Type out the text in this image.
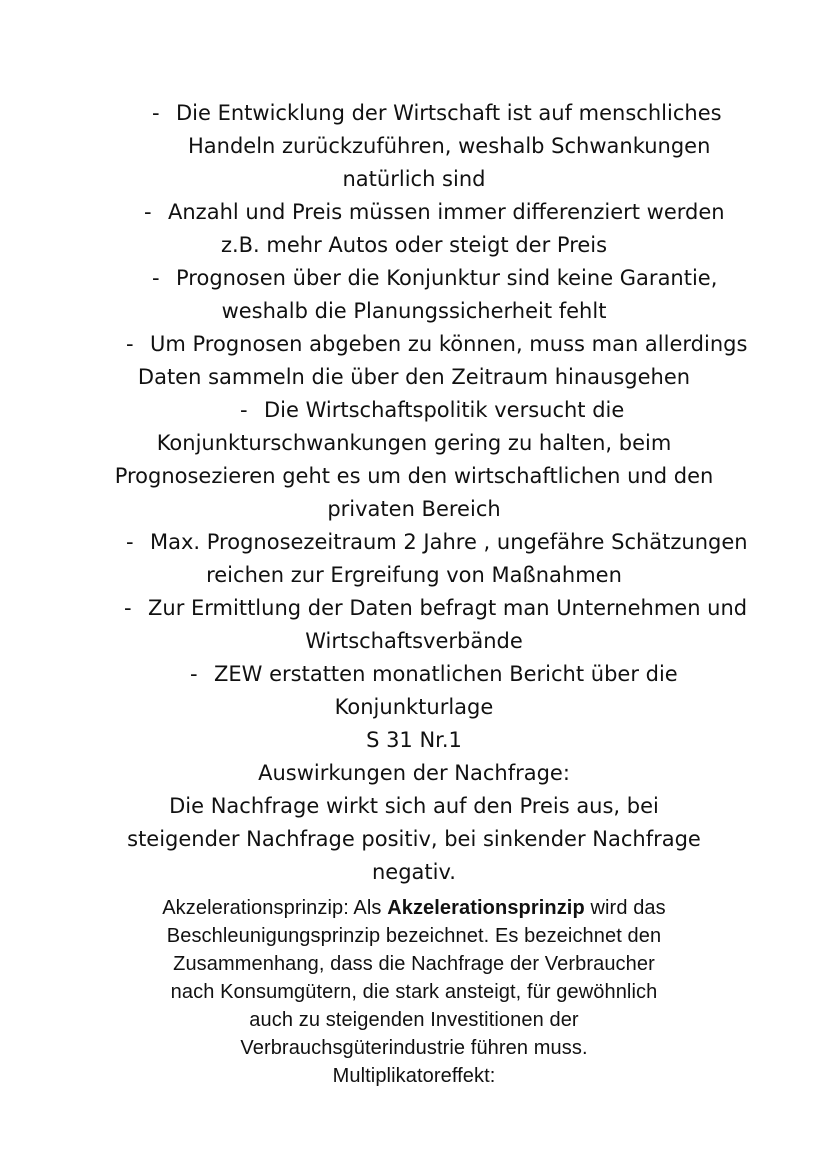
- Die Entwicklung der Wirtschaft ist auf menschliches
Handeln zurückzuführen, weshalb Schwankungen
natürlich sind
- Anzahl und Preis müssen immer differenziert werden
z.B. mehr Autos oder steigt der Preis
- Prognosen über die Konjunktur sind keine Garantie,
weshalb die Planungssicherheit fehlt
- Um Prognosen abgeben zu können, muss man allerdings
Daten sammeln die über den Zeitraum hinausgehen
- Die Wirtschaftspolitik versucht die
Konjunkturschwankungen gering zu halten, beim
Prognosezieren geht es um den wirtschaftlichen und den
privaten Bereich
- Max. Prognosezeitraum 2 Jahre , ungefähre Schätzungen
reichen zur Ergreifung von Maßnahmen
- Zur Ermittlung der Daten befragt man Unternehmen und
Wirtschaftsverbände
- ZEW erstatten monatlichen Bericht über die
Konjunkturlage
S 31 Nr.1
Auswirkungen der Nachfrage:
Die Nachfrage wirkt sich auf den Preis aus, bei
steigender Nachfrage positiv, bei sinkender Nachfrage
negativ.
Akzelerationsprinzip: Als Akzelerationsprinzip wird das
Beschleunigungsprinzip bezeichnet. Es bezeichnet den
Zusammenhang, dass die Nachfrage der Verbraucher
nach Konsumgütern, die stark ansteigt, für gewöhnlich
auch zu steigenden Investitionen der
Verbrauchsgüterindustrie führen muss.
Multiplikatoreffekt:
